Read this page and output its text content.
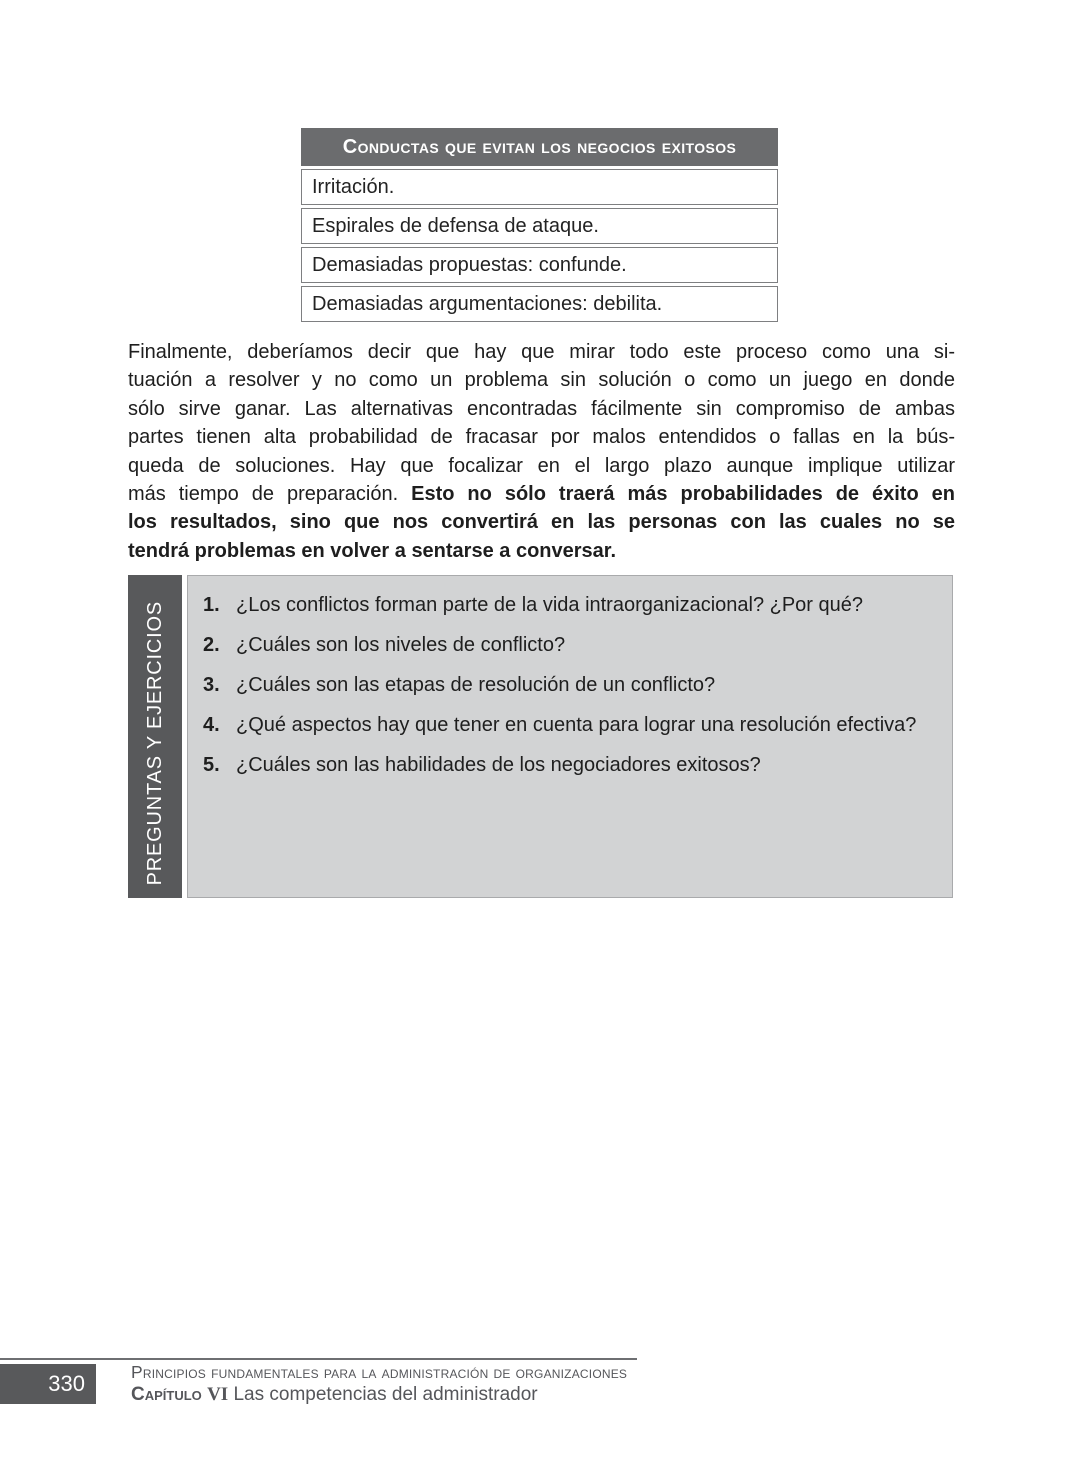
Conductas que evitan los negocios exitosos
Irritación.
Espirales de defensa de ataque.
Demasiadas propuestas: confunde.
Demasiadas argumentaciones: debilita.
Finalmente, deberíamos decir que hay que mirar todo este proceso como una si-
tuación a resolver y no como un problema sin solución o como un juego en donde
sólo sirve ganar. Las alternativas encontradas fácilmente sin compromiso de ambas
partes tienen alta probabilidad de fracasar por malos entendidos o fallas en la bús-
queda de soluciones. Hay que focalizar en el largo plazo aunque implique utilizar
más tiempo de preparación. Esto no sólo traerá más probabilidades de éxito en
los resultados, sino que nos convertirá en las personas con las cuales no se
tendrá problemas en volver a sentarse a conversar.
PREGUNTAS Y EJERCICIOS 1. ¿Los conflictos forman parte de la vida intraorganizacional? ¿Por qué?
2. ¿Cuáles son los niveles de conflicto?
3. ¿Cuáles son las etapas de resolución de un conflicto?
4. ¿Qué aspectos hay que tener en cuenta para lograr una resolución efectiva?
5. ¿Cuáles son las habilidades de los negociadores exitosos?
330	Principios fundamentales para la administración de organizaciones
Capítulo VI Las competencias del administrador
